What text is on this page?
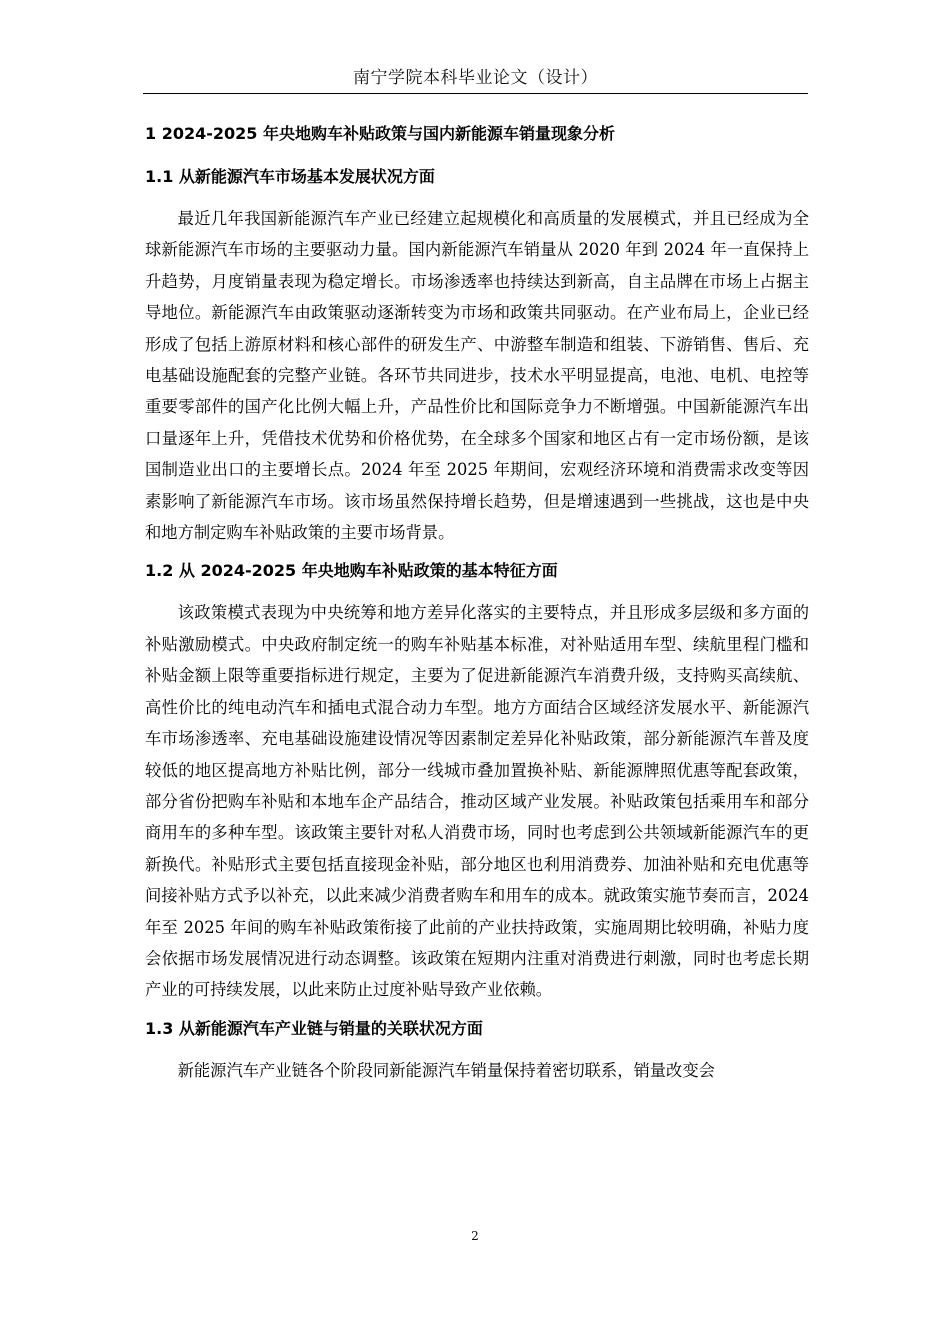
南宁学院本科毕业论文（设计）
1 2024-2025 年央地购车补贴政策与国内新能源车销量现象分析
1.1 从新能源汽车市场基本发展状况方面

最近几年我国新能源汽车产业已经建立起规模化和高质量的发展模式，并且已经成为全球新能源汽车市场的主要驱动力量。国内新能源汽车销量从 2020 年到 2024 年一直保持上升趋势，月度销量表现为稳定增长。市场渗透率也持续达到新高，自主品牌在市场上占据主导地位。新能源汽车由政策驱动逐渐转变为市场和政策共同驱动。在产业布局上，企业已经形成了包括上游原材料和核心部件的研发生产、中游整车制造和组装、下游销售、售后、充电基础设施配套的完整产业链。各环节共同进步，技术水平明显提高，电池、电机、电控等重要零部件的国产化比例大幅上升，产品性价比和国际竞争力不断增强。中国新能源汽车出口量逐年上升，凭借技术优势和价格优势，在全球多个国家和地区占有一定市场份额，是该国制造业出口的主要增长点。2024 年至 2025 年期间，宏观经济环境和消费需求改变等因素影响了新能源汽车市场。该市场虽然保持增长趋势，但是增速遇到一些挑战，这也是中央和地方制定购车补贴政策的主要市场背景。

1.2 从 2024-2025 年央地购车补贴政策的基本特征方面

该政策模式表现为中央统筹和地方差异化落实的主要特点，并且形成多层级和多方面的补贴激励模式。中央政府制定统一的购车补贴基本标准，对补贴适用车型、续航里程门槛和补贴金额上限等重要指标进行规定，主要为了促进新能源汽车消费升级，支持购买高续航、高性价比的纯电动汽车和插电式混合动力车型。地方方面结合区域经济发展水平、新能源汽车市场渗透率、充电基础设施建设情况等因素制定差异化补贴政策，部分新能源汽车普及度较低的地区提高地方补贴比例，部分一线城市叠加置换补贴、新能源牌照优惠等配套政策，部分省份把购车补贴和本地车企产品结合，推动区域产业发展。补贴政策包括乘用车和部分商用车的多种车型。该政策主要针对私人消费市场，同时也考虑到公共领域新能源汽车的更新换代。补贴形式主要包括直接现金补贴，部分地区也利用消费券、加油补贴和充电优惠等间接补贴方式予以补充，以此来减少消费者购车和用车的成本。就政策实施节奏而言，2024 年至 2025 年间的购车补贴政策衔接了此前的产业扶持政策，实施周期比较明确，补贴力度会依据市场发展情况进行动态调整。该政策在短期内注重对消费进行刺激，同时也考虑长期产业的可持续发展，以此来防止过度补贴导致产业依赖。

1.3 从新能源汽车产业链与销量的关联状况方面

新能源汽车产业链各个阶段同新能源汽车销量保持着密切联系，销量改变会

2
